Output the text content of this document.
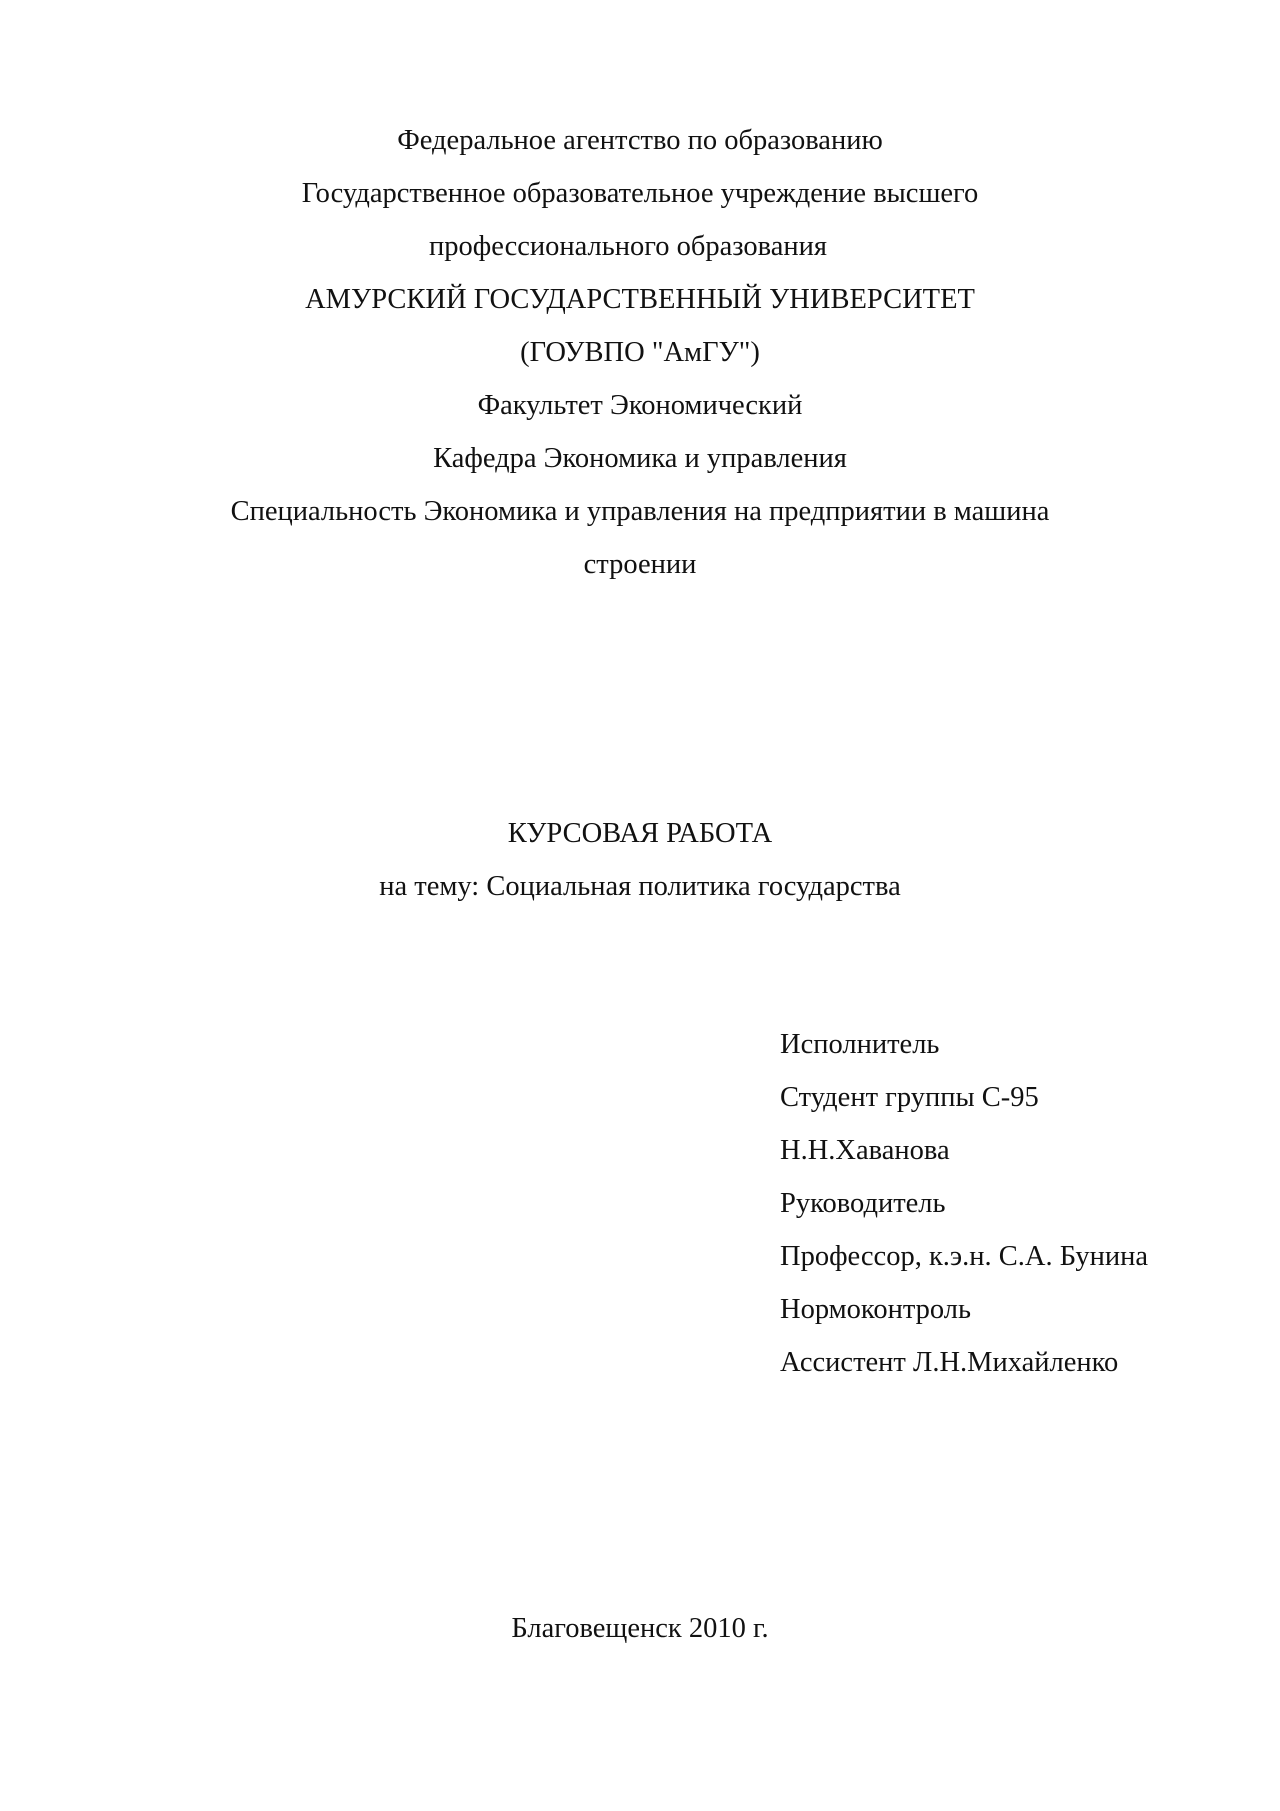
Федеральное агентство по образованию

Государственное образовательное учреждение высшего

профессионального образования

АМУРСКИЙ ГОСУДАРСТВЕННЫЙ УНИВЕРСИТЕТ

(ГОУВПО "АмГУ")

Факультет Экономический

Кафедра Экономика и управления

Специальность Экономика и управления на предприятии в машина

строении

КУРСОВАЯ РАБОТА

на тему: Социальная политика государства

Исполнитель

Студент группы С-95

Н.Н.Хаванова

Руководитель

Профессор, к.э.н. С.А. Бунина

Нормоконтроль

Ассистент Л.Н.Михайленко

Благовещенск 2010 г.
